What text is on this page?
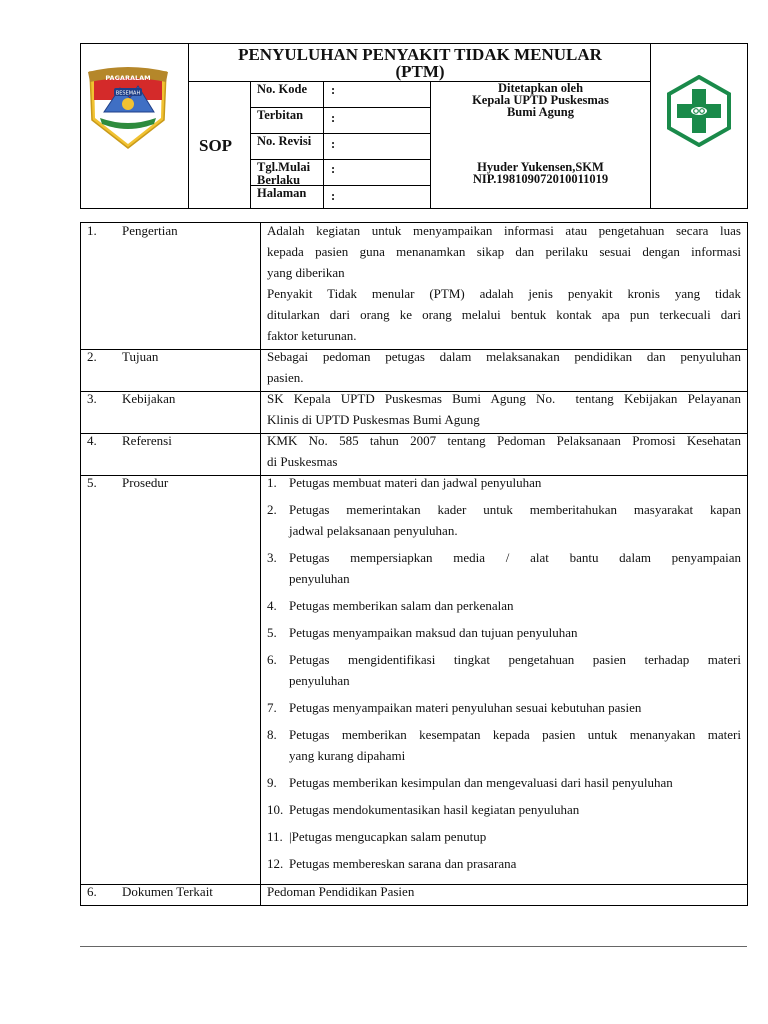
PAGARALAM
BESEMAH
PENYULUHAN PENYAKIT TIDAK MENULAR
(PTM)
SOP
No. Kode :
Terbitan :
No. Revisi :
Tgl.Mulai Berlaku
:
Halaman :
Ditetapkan oleh
Kepala UPTD Puskesmas
Bumi Agung
Hyuder Yukensen,SKM
NIP.198109072010011019
1. Pengertian	Adalah kegiatan untuk menyampaikan informasi atau pengetahuan secara luas
kepada pasien guna menanamkan sikap dan perilaku sesuai dengan informasi
yang diberikan
Penyakit Tidak menular (PTM) adalah jenis penyakit kronis yang tidak
ditularkan dari orang ke orang melalui bentuk kontak apa pun terkecuali dari
faktor keturunan.
2. Tujuan	Sebagai pedoman petugas dalam melaksanakan pendidikan dan penyuluhan
pasien.
3. Kebijakan	SK Kepala UPTD Puskesmas Bumi Agung No.  tentang Kebijakan Pelayanan
Klinis di UPTD Puskesmas Bumi Agung
4. Referensi	KMK No. 585 tahun 2007 tentang Pedoman Pelaksanaan Promosi Kesehatan
di Puskesmas
5. Prosedur	1. Petugas membuat materi dan jadwal penyuluhan
2. Petugas memerintakan kader untuk memberitahukan masyarakat kapan
jadwal pelaksanaan penyuluhan.
3. Petugas mempersiapkan media / alat bantu dalam penyampaian
penyuluhan
4. Petugas memberikan salam dan perkenalan
5. Petugas menyampaikan maksud dan tujuan penyuluhan
6. Petugas mengidentifikasi tingkat pengetahuan pasien terhadap materi
penyuluhan
7. Petugas menyampaikan materi penyuluhan sesuai kebutuhan pasien
8. Petugas memberikan kesempatan kepada pasien untuk menanyakan materi
yang kurang dipahami
9. Petugas memberikan kesimpulan dan mengevaluasi dari hasil penyuluhan
10. Petugas mendokumentasikan hasil kegiatan penyuluhan
11. |Petugas mengucapkan salam penutup
12. Petugas membereskan sarana dan prasarana
6. Dokumen Terkait	Pedoman Pendidikan Pasien
